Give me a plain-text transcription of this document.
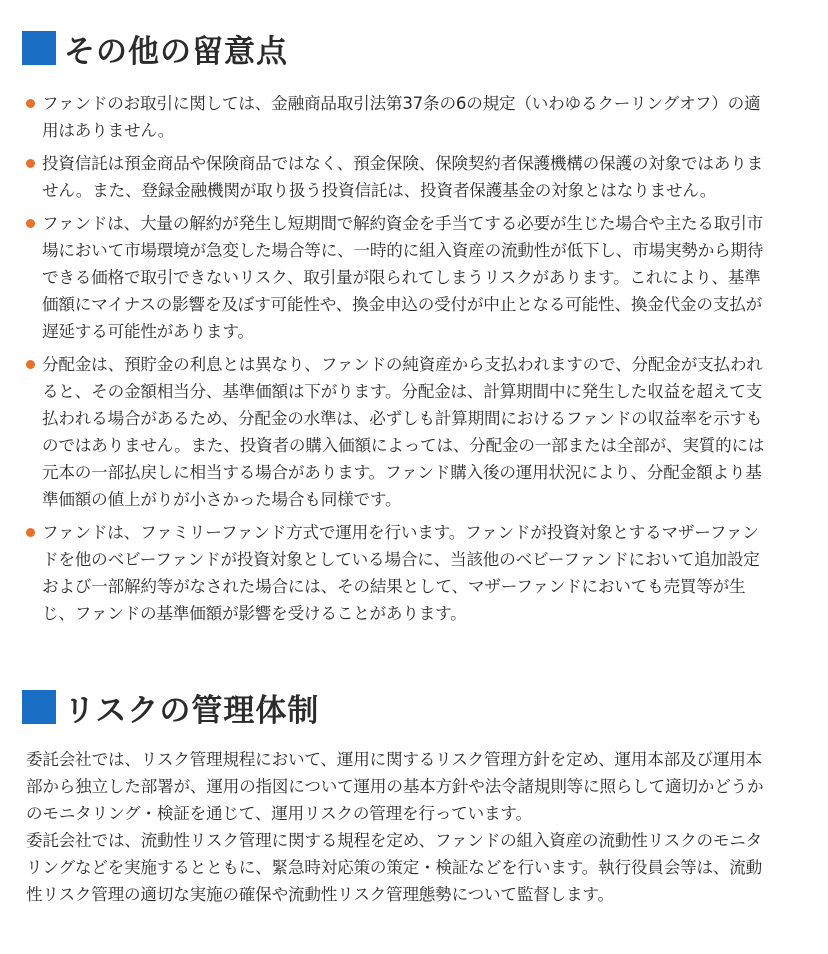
その他の留意点
ファンドのお取引に関しては、金融商品取引法第37条の6の規定（いわゆるクーリングオフ）の適用はありません。
投資信託は預金商品や保険商品ではなく、預金保険、保険契約者保護機構の保護の対象ではありません。また、登録金融機関が取り扱う投資信託は、投資者保護基金の対象とはなりません。
ファンドは、大量の解約が発生し短期間で解約資金を手当てする必要が生じた場合や主たる取引市場において市場環境が急変した場合等に、一時的に組入資産の流動性が低下し、市場実勢から期待できる価格で取引できないリスク、取引量が限られてしまうリスクがあります。これにより、基準価額にマイナスの影響を及ぼす可能性や、換金申込の受付が中止となる可能性、換金代金の支払が遅延する可能性があります。
分配金は、預貯金の利息とは異なり、ファンドの純資産から支払われますので、分配金が支払われると、その金額相当分、基準価額は下がります。分配金は、計算期間中に発生した収益を超えて支払われる場合があるため、分配金の水準は、必ずしも計算期間におけるファンドの収益率を示すものではありません。また、投資者の購入価額によっては、分配金の一部または全部が、実質的には元本の一部払戻しに相当する場合があります。ファンド購入後の運用状況により、分配金額より基準価額の値上がりが小さかった場合も同様です。
ファンドは、ファミリーファンド方式で運用を行います。ファンドが投資対象とするマザーファンドを他のベビーファンドが投資対象としている場合に、当該他のベビーファンドにおいて追加設定および一部解約等がなされた場合には、その結果として、マザーファンドにおいても売買等が生じ、ファンドの基準価額が影響を受けることがあります。
リスクの管理体制

委託会社では、リスク管理規程において、運用に関するリスク管理方針を定め、運用本部及び運用本部から独立した部署が、運用の指図について運用の基本方針や法令諸規則等に照らして適切かどうかのモニタリング・検証を通じて、運用リスクの管理を行っています。

委託会社では、流動性リスク管理に関する規程を定め、ファンドの組入資産の流動性リスクのモニタリングなどを実施するとともに、緊急時対応策の策定・検証などを行います。執行役員会等は、流動性リスク管理の適切な実施の確保や流動性リスク管理態勢について監督します。
